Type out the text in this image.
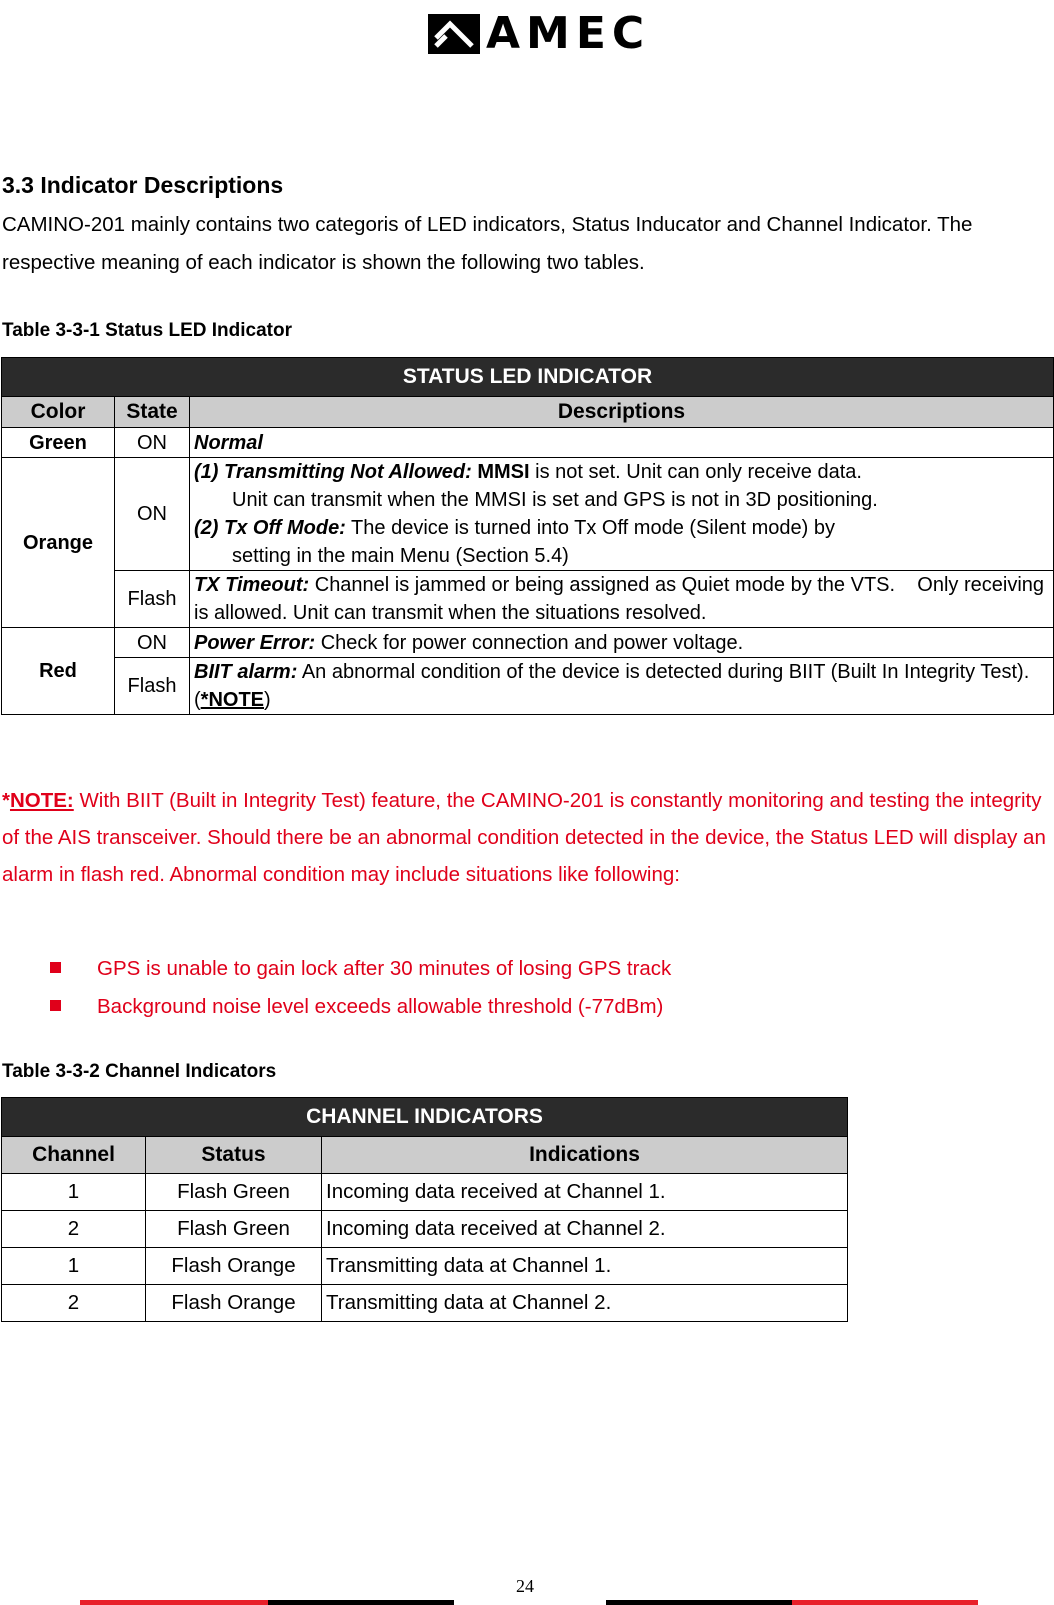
AMEC
3.3 Indicator Descriptions
CAMINO-201 mainly contains two categoris of LED indicators, Status Inducator and Channel Indicator. The respective meaning of each indicator is shown the following two tables.
Table 3-3-1 Status LED Indicator
STATUS LED INDICATOR		
Color	State	Descriptions
Green	ON	Normal
Orange	ON	(1) Transmitting Not Allowed: MMSI is not set. Unit can only receive data.
Unit can transmit when the MMSI is set and GPS is not in 3D positioning.
(2) Tx Off Mode: The device is turned into Tx Off mode (Silent mode) by
setting in the main Menu (Section 5.4)

	Flash	TX Timeout: Channel is jammed or being assigned as Quiet mode by the VTS.    Only receiving is allowed. Unit can transmit when the situations resolved.
Red	ON	Power Error: Check for power connection and power voltage.
	Flash	BIIT alarm: An abnormal condition of the device is detected during BIIT (Built In Integrity Test). (*NOTE)
*NOTE: With BIIT (Built in Integrity Test) feature, the CAMINO-201 is constantly monitoring and testing the integrity of the AIS transceiver. Should there be an abnormal condition detected in the device, the Status LED will display an alarm in flash red. Abnormal condition may include situations like following:
GPS is unable to gain lock after 30 minutes of losing GPS track
Background noise level exceeds allowable threshold (-77dBm)
Table 3-3-2 Channel Indicators
CHANNEL INDICATORS		
Channel	Status	Indications
1	Flash Green	Incoming data received at Channel 1.
2	Flash Green	Incoming data received at Channel 2.
1	Flash Orange	Transmitting data at Channel 1.
2	Flash Orange	Transmitting data at Channel 2.
24
